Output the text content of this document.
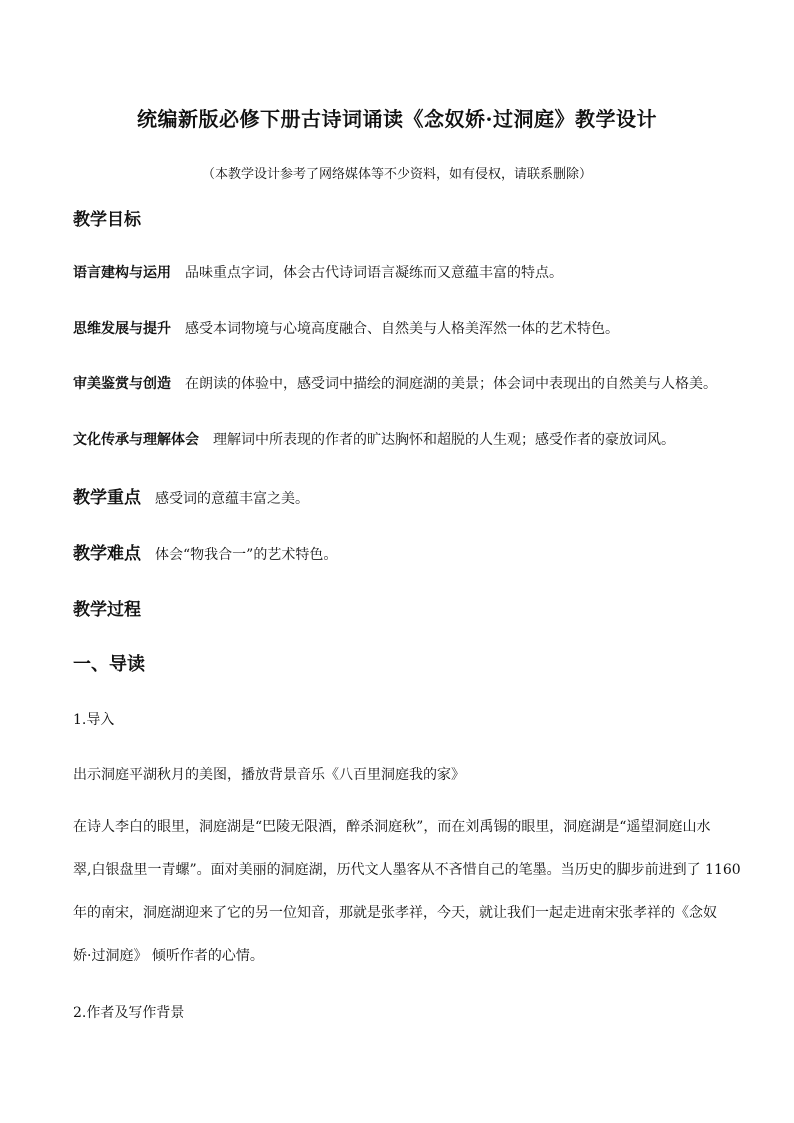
统编新版必修下册古诗词诵读《念奴娇·过洞庭》教学设计
（本教学设计参考了网络媒体等不少资料，如有侵权，请联系删除）
教学目标
语言建构与运用 品味重点字词，体会古代诗词语言凝练而又意蕴丰富的特点。
思维发展与提升 感受本词物境与心境高度融合、自然美与人格美浑然一体的艺术特色。
审美鉴赏与创造 在朗读的体验中，感受词中描绘的洞庭湖的美景；体会词中表现出的自然美与人格美。
文化传承与理解体会 理解词中所表现的作者的旷达胸怀和超脱的人生观；感受作者的豪放词风。
教学重点 感受词的意蕴丰富之美。
教学难点 体会“物我合一”的艺术特色。
教学过程
一、导读
1.导入
出示洞庭平湖秋月的美图，播放背景音乐《八百里洞庭我的家》

在诗人李白的眼里，洞庭湖是“巴陵无限酒，醉杀洞庭秋”，而在刘禹锡的眼里，洞庭湖是“遥望洞庭山水

翠,白银盘里一青螺”。面对美丽的洞庭湖，历代文人墨客从不吝惜自己的笔墨。当历史的脚步前进到了 1160

年的南宋，洞庭湖迎来了它的另一位知音，那就是张孝祥，今天，就让我们一起走进南宋张孝祥的《念奴

娇·过洞庭》 倾听作者的心情。

2.作者及写作背景
